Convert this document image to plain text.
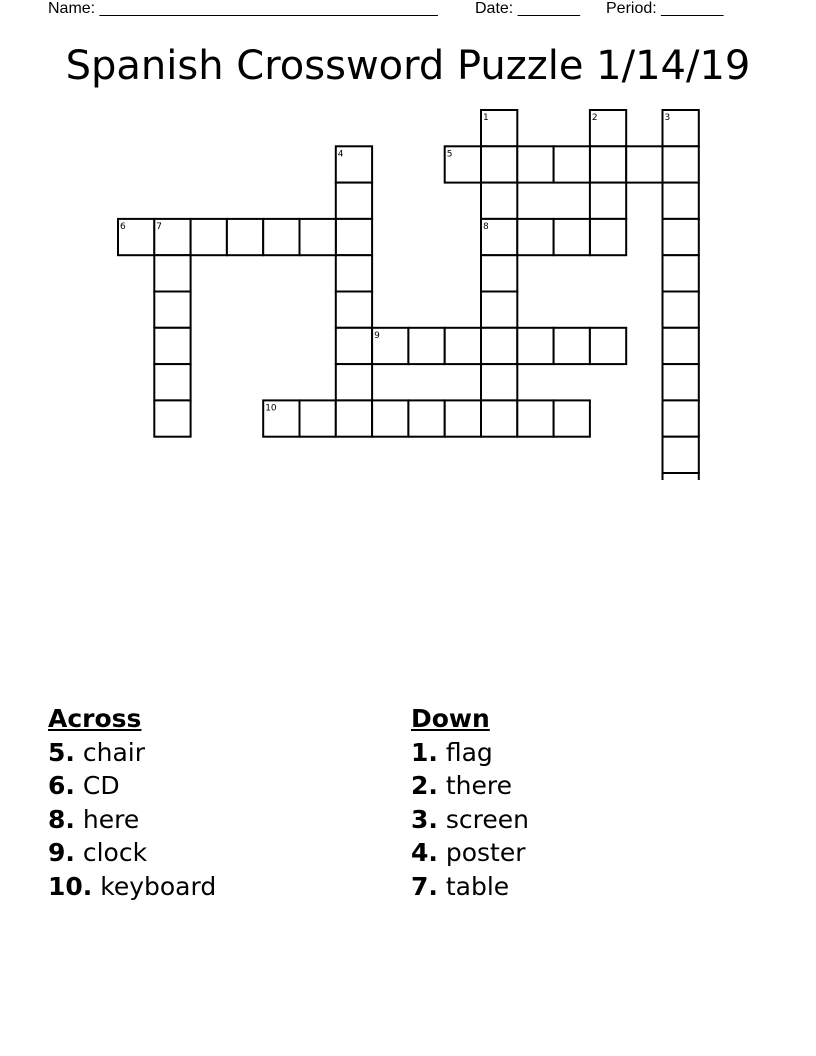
Name: ______________________________________ Date: _______ Period: _______
Spanish Crossword Puzzle 1/14/19
1	2	3
4	5
6	7	8
9
10
Across
5. chair
6. CD
8. here
9. clock
10. keyboard
Down
1. flag
2. there
3. screen
4. poster
7. table
